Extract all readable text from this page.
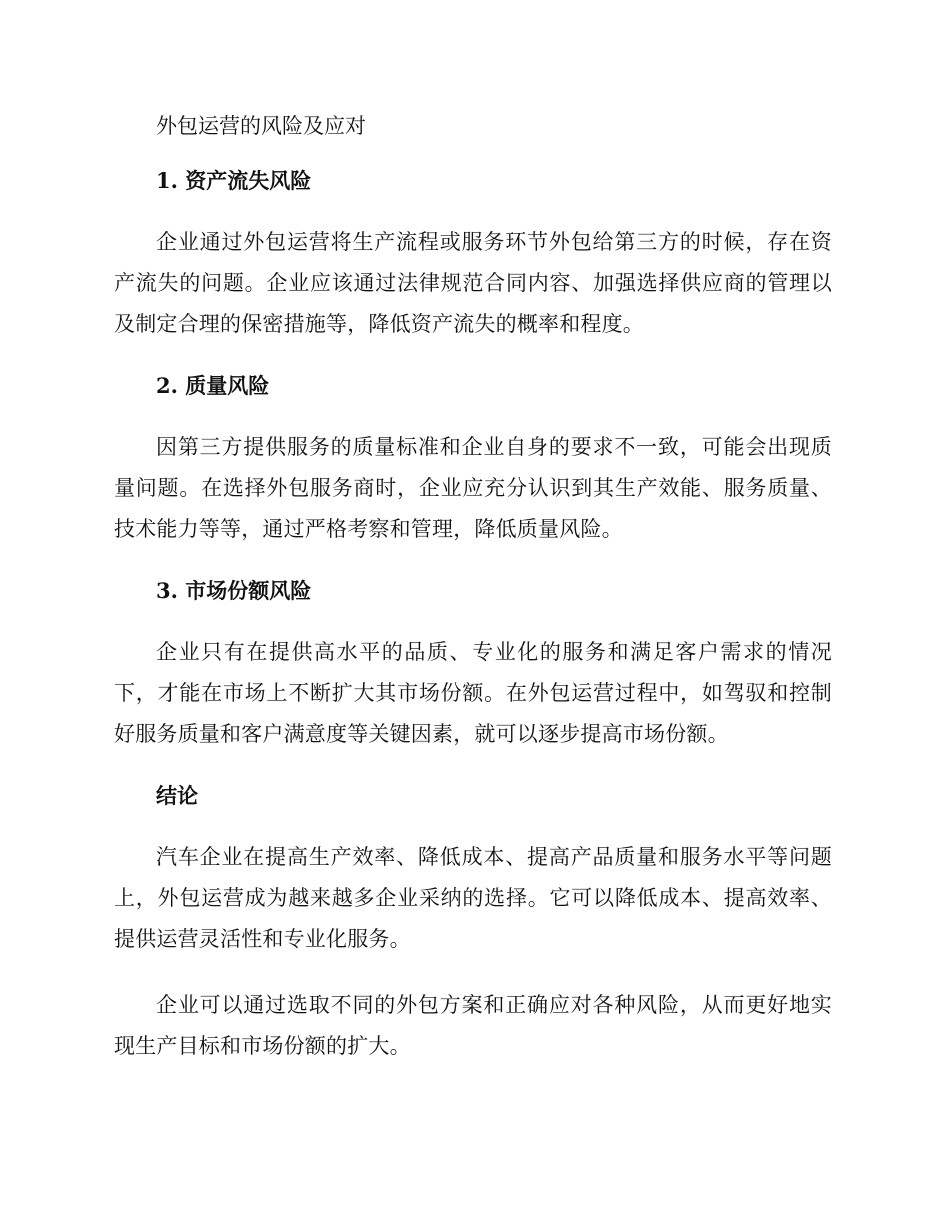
外包运营的风险及应对

1. 资产流失风险

企业通过外包运营将生产流程或服务环节外包给第三方的时候，存在资产流失的问题。企业应该通过法律规范合同内容、加强选择供应商的管理以及制定合理的保密措施等，降低资产流失的概率和程度。

2. 质量风险

因第三方提供服务的质量标准和企业自身的要求不一致，可能会出现质量问题。在选择外包服务商时，企业应充分认识到其生产效能、服务质量、技术能力等等，通过严格考察和管理，降低质量风险。

3. 市场份额风险

企业只有在提供高水平的品质、专业化的服务和满足客户需求的情况下，才能在市场上不断扩大其市场份额。在外包运营过程中，如驾驭和控制好服务质量和客户满意度等关键因素，就可以逐步提高市场份额。

结论

汽车企业在提高生产效率、降低成本、提高产品质量和服务水平等问题上，外包运营成为越来越多企业采纳的选择。它可以降低成本、提高效率、提供运营灵活性和专业化服务。

企业可以通过选取不同的外包方案和正确应对各种风险，从而更好地实现生产目标和市场份额的扩大。
